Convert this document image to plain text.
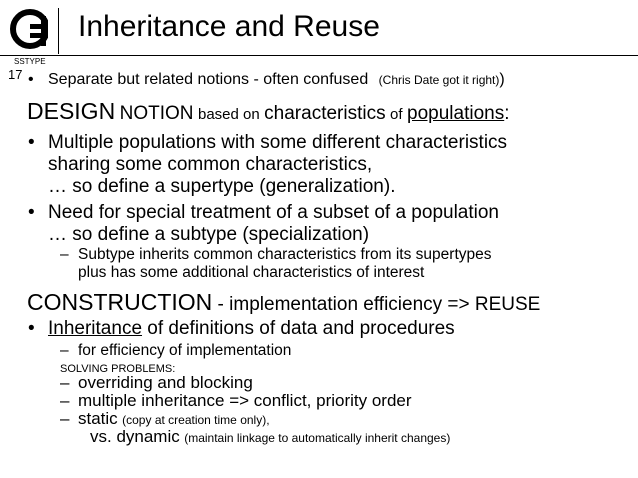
Inheritance and Reuse
SSTYPE
17 • Separate but related notions - often confused (Chris Date got it right))
DESIGN NOTION based on characteristics of populations:
• Multiple populations with some different characteristics
sharing some common characteristics,
… so define a supertype (generalization).
• Need for special treatment of a subset of a population
… so define a subtype (specialization)
– Subtype inherits common characteristics from its supertypes
plus has some additional characteristics of interest
CONSTRUCTION - implementation efficiency => REUSE
• Inheritance of definitions of data and procedures
– for efficiency of implementation
SOLVING PROBLEMS:
– overriding and blocking
– multiple inheritance => conflict, priority order
– static (copy at creation time only),
vs. dynamic (maintain linkage to automatically inherit changes)
